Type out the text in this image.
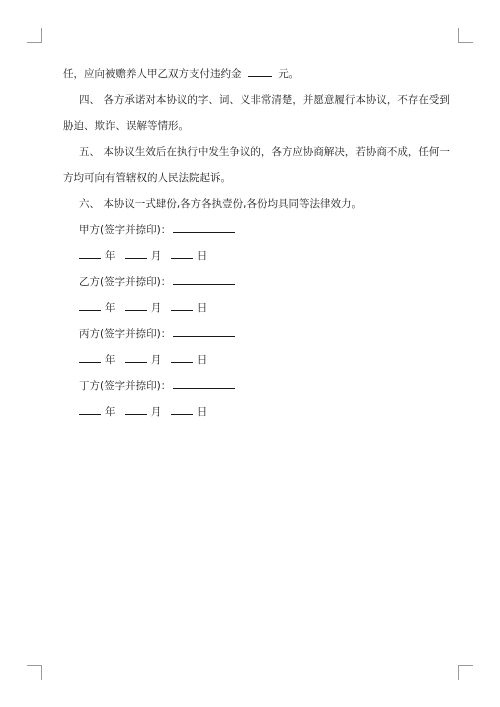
任，应向被赡养人甲乙双方支付违约金	元。

四、 各方承诺对本协议的字、词、义非常清楚，并愿意履行本协议，不存在受到

胁迫、欺诈、误解等情形。

五、 本协议生效后在执行中发生争议的，各方应协商解决，若协商不成，任何一

方均可向有管辖权的人民法院起诉。

六、 本协议一式肆份,各方各执壹份,各份均具同等法律效力。

甲方(签字并捺印)：

年	月	日

乙方(签字并捺印)：

年	月	日

丙方(签字并捺印)：

年	月	日

丁方(签字并捺印)：

年	月	日
